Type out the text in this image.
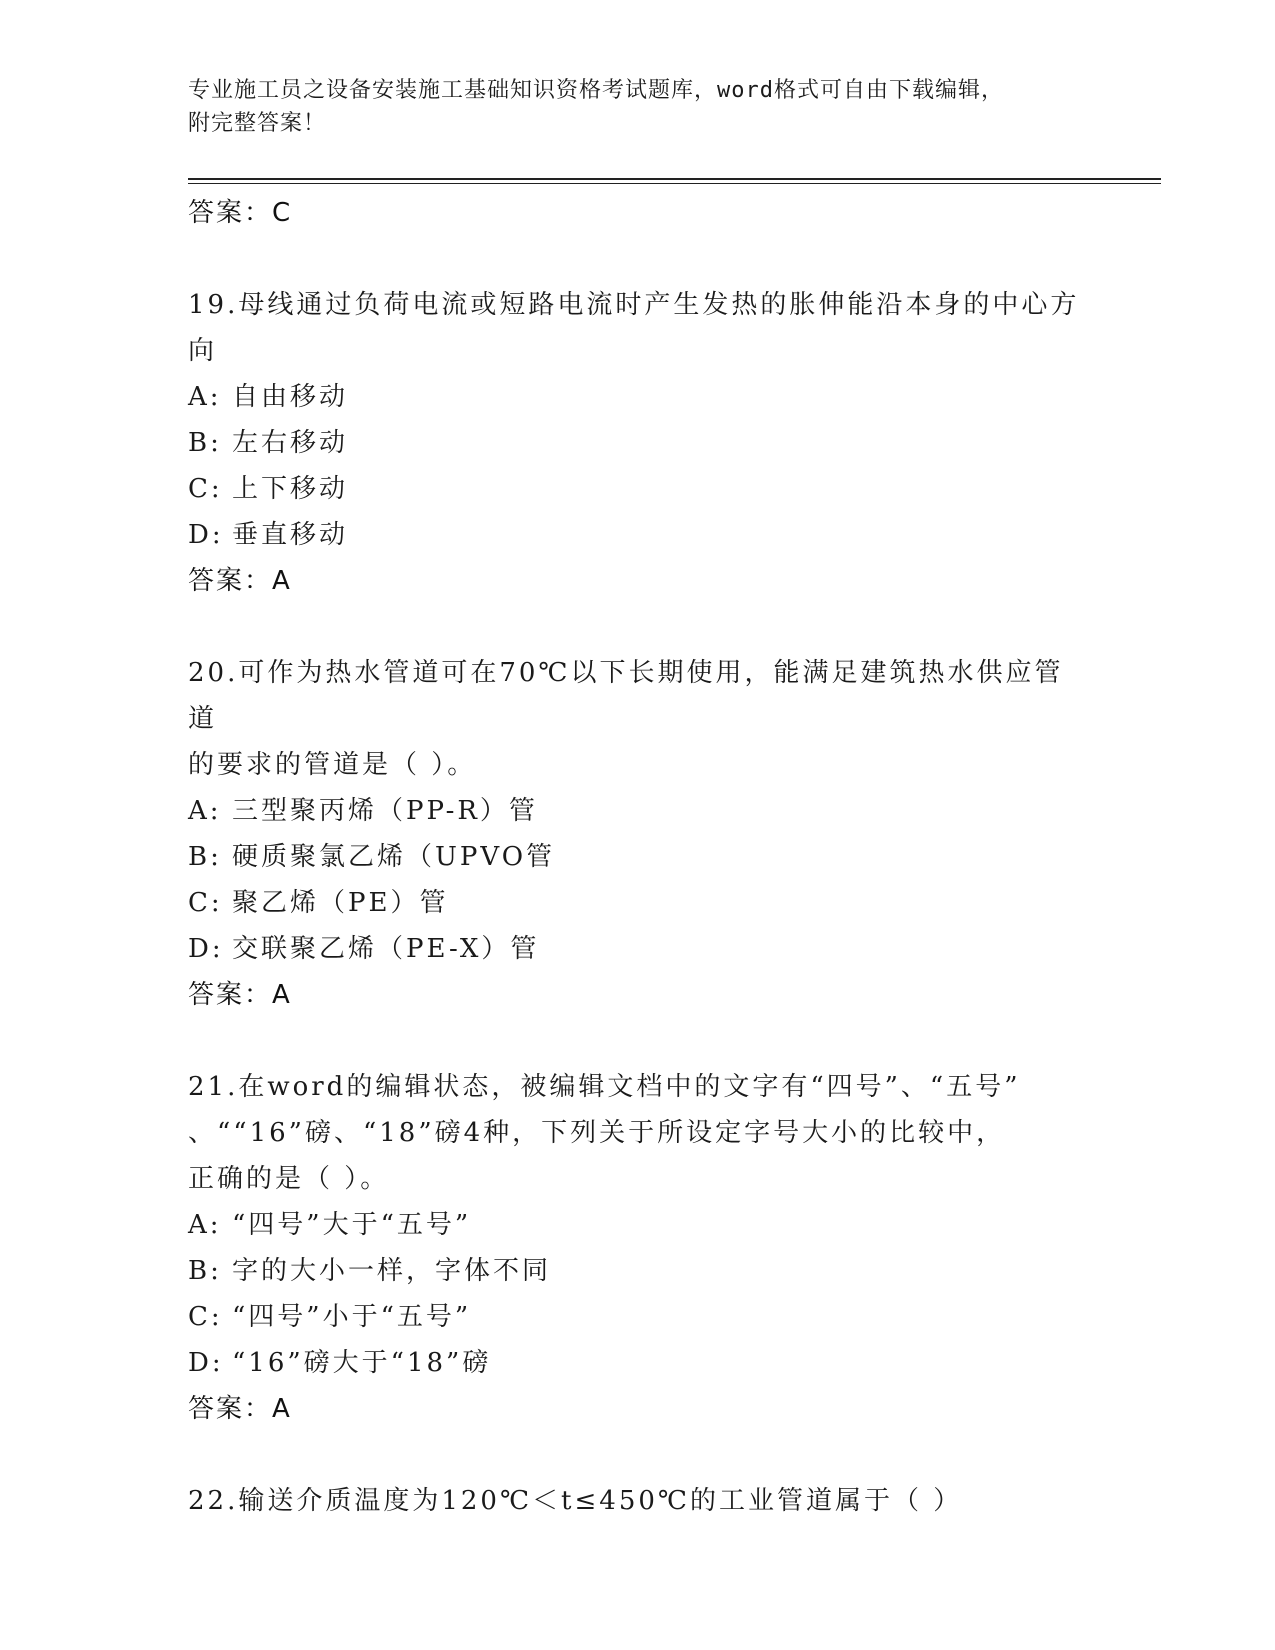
专业施工员之设备安装施工基础知识资格考试题库，word格式可自由下载编辑，
附完整答案！
答案：C
19.母线通过负荷电流或短路电流时产生发热的胀伸能沿本身的中心方
向
A: 自由移动
B: 左右移动
C: 上下移动
D: 垂直移动
答案：A
20.可作为热水管道可在70℃以下长期使用，能满足建筑热水供应管道
的要求的管道是（ ）。
A: 三型聚丙烯（PP-R）管
B: 硬质聚氯乙烯（UPVO管
C: 聚乙烯（PE）管
D: 交联聚乙烯（PE-X）管
答案：A
21.在word的编辑状态，被编辑文档中的文字有“四号”、“五号”
、““16”磅、“18”磅4种，下列关于所设定字号大小的比较中，
正确的是（ ）。
A: “四号”大于“五号”
B: 字的大小一样，字体不同
C: “四号”小于“五号”
D: “16”磅大于“18”磅
答案：A
22.输送介质温度为120℃＜t≤450℃的工业管道属于（ ）
